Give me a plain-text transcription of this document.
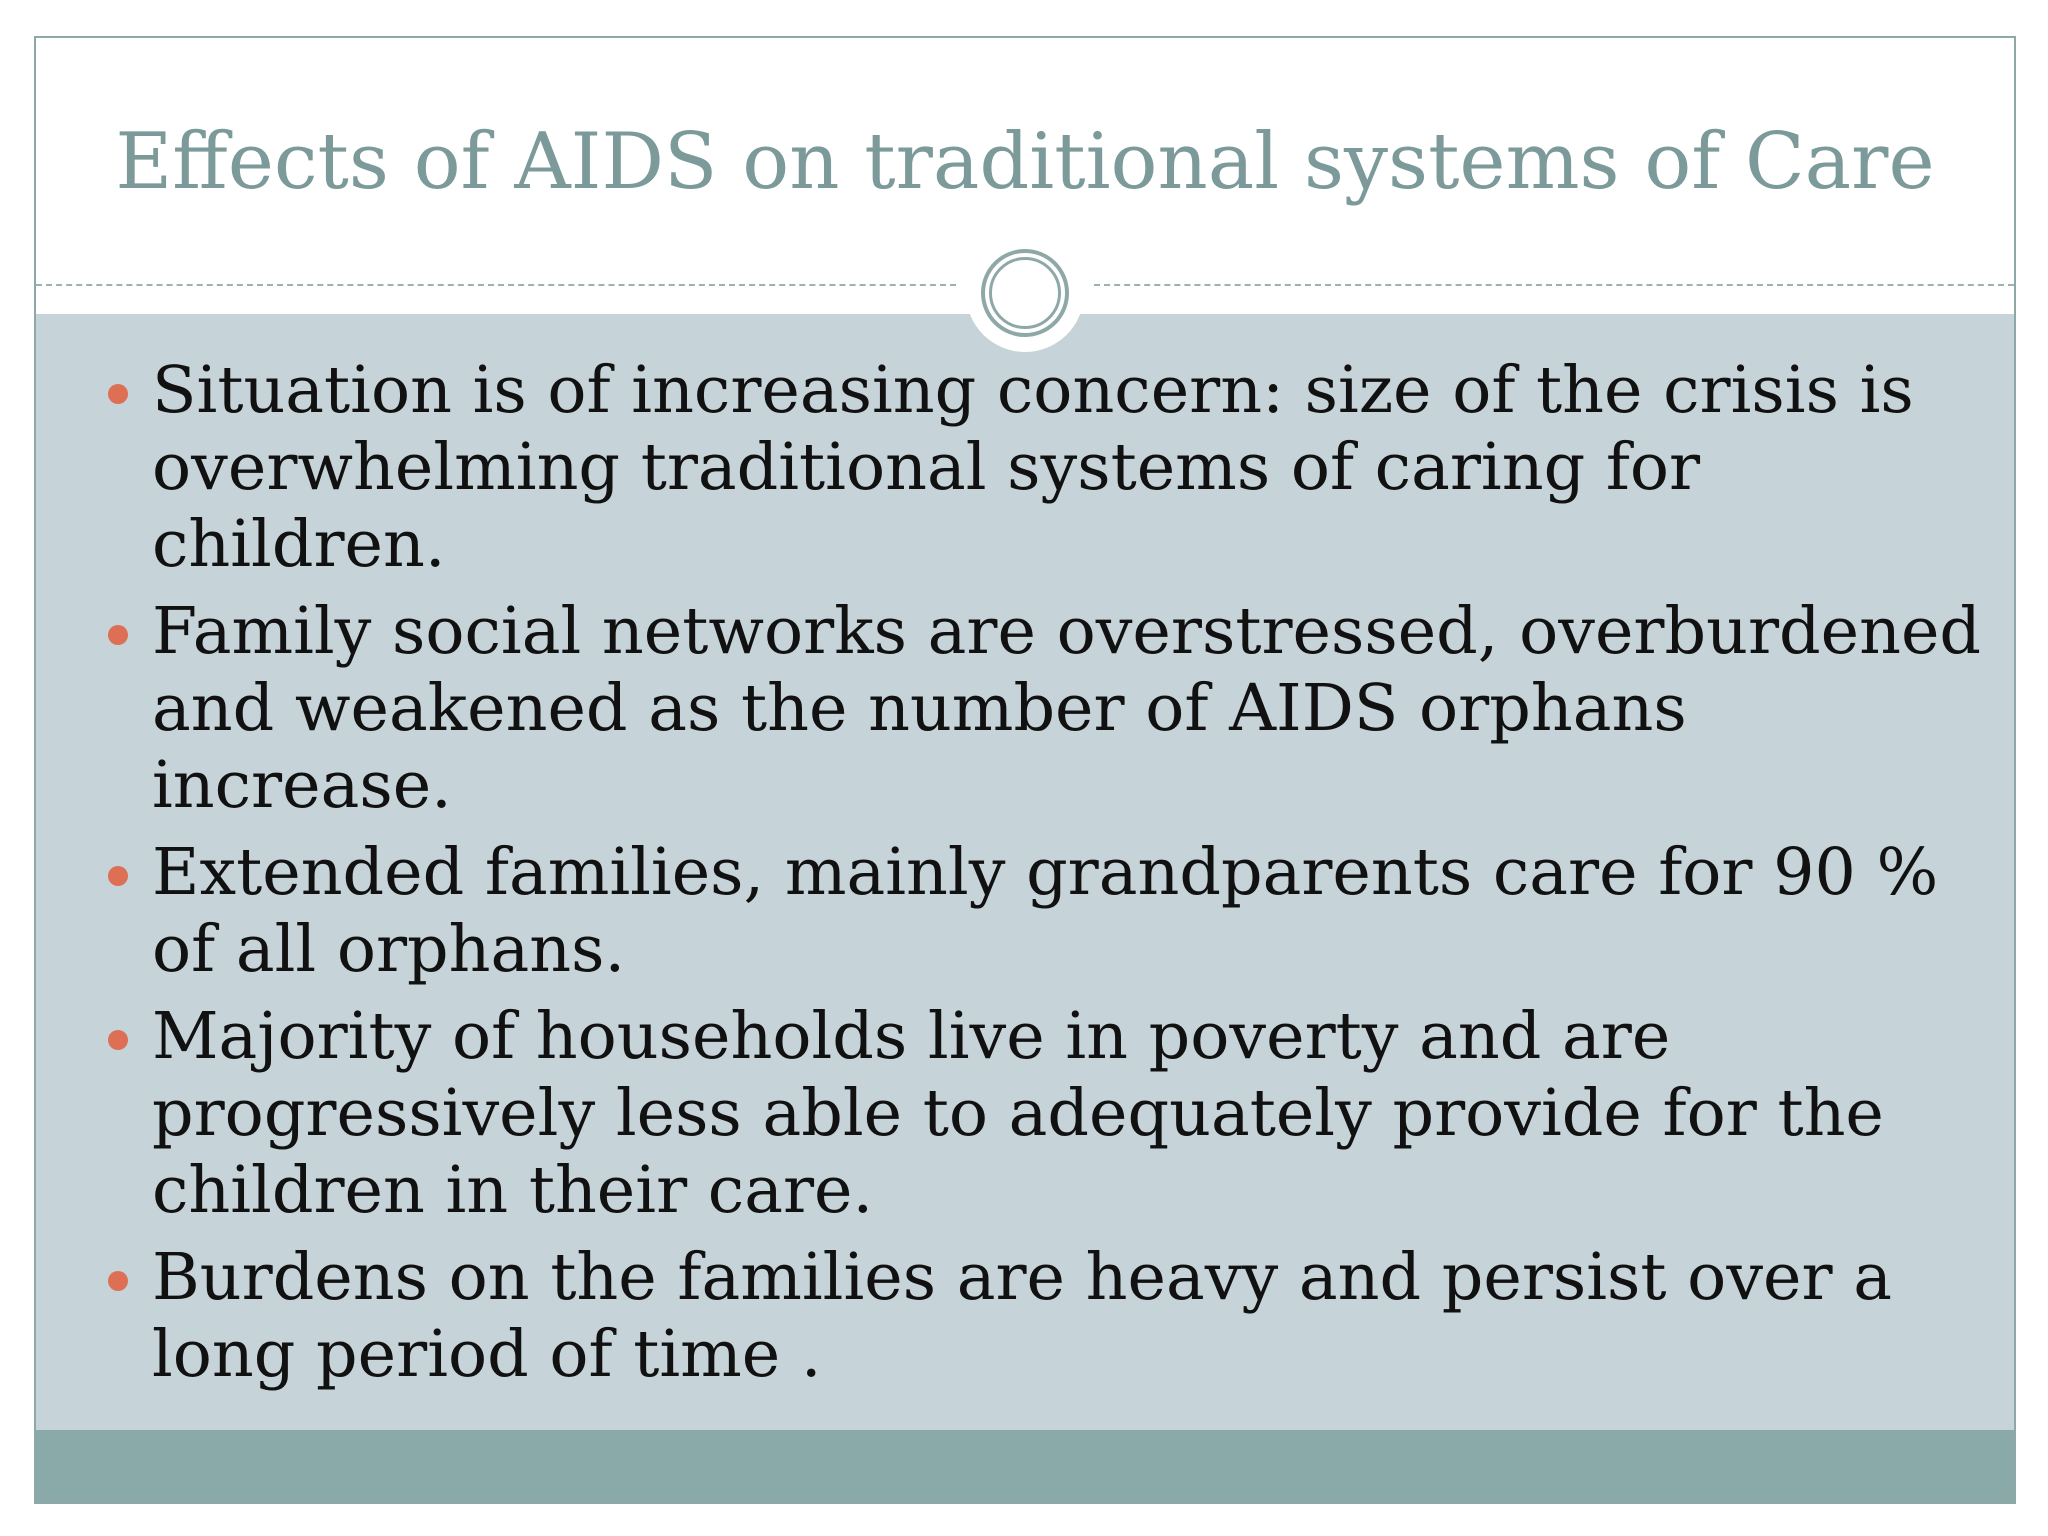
Effects of AIDS on traditional systems of Care
Situation is of increasing concern: size of the crisis is overwhelming traditional systems of caring for children.
Family social networks are overstressed, overburdened and weakened as the number of AIDS orphans increase.
Extended families, mainly grandparents care for 90 % of all orphans.
Majority of households live in poverty and are progressively less able to adequately provide for the children in their care.
Burdens on the families are heavy and persist over a long period of time .
